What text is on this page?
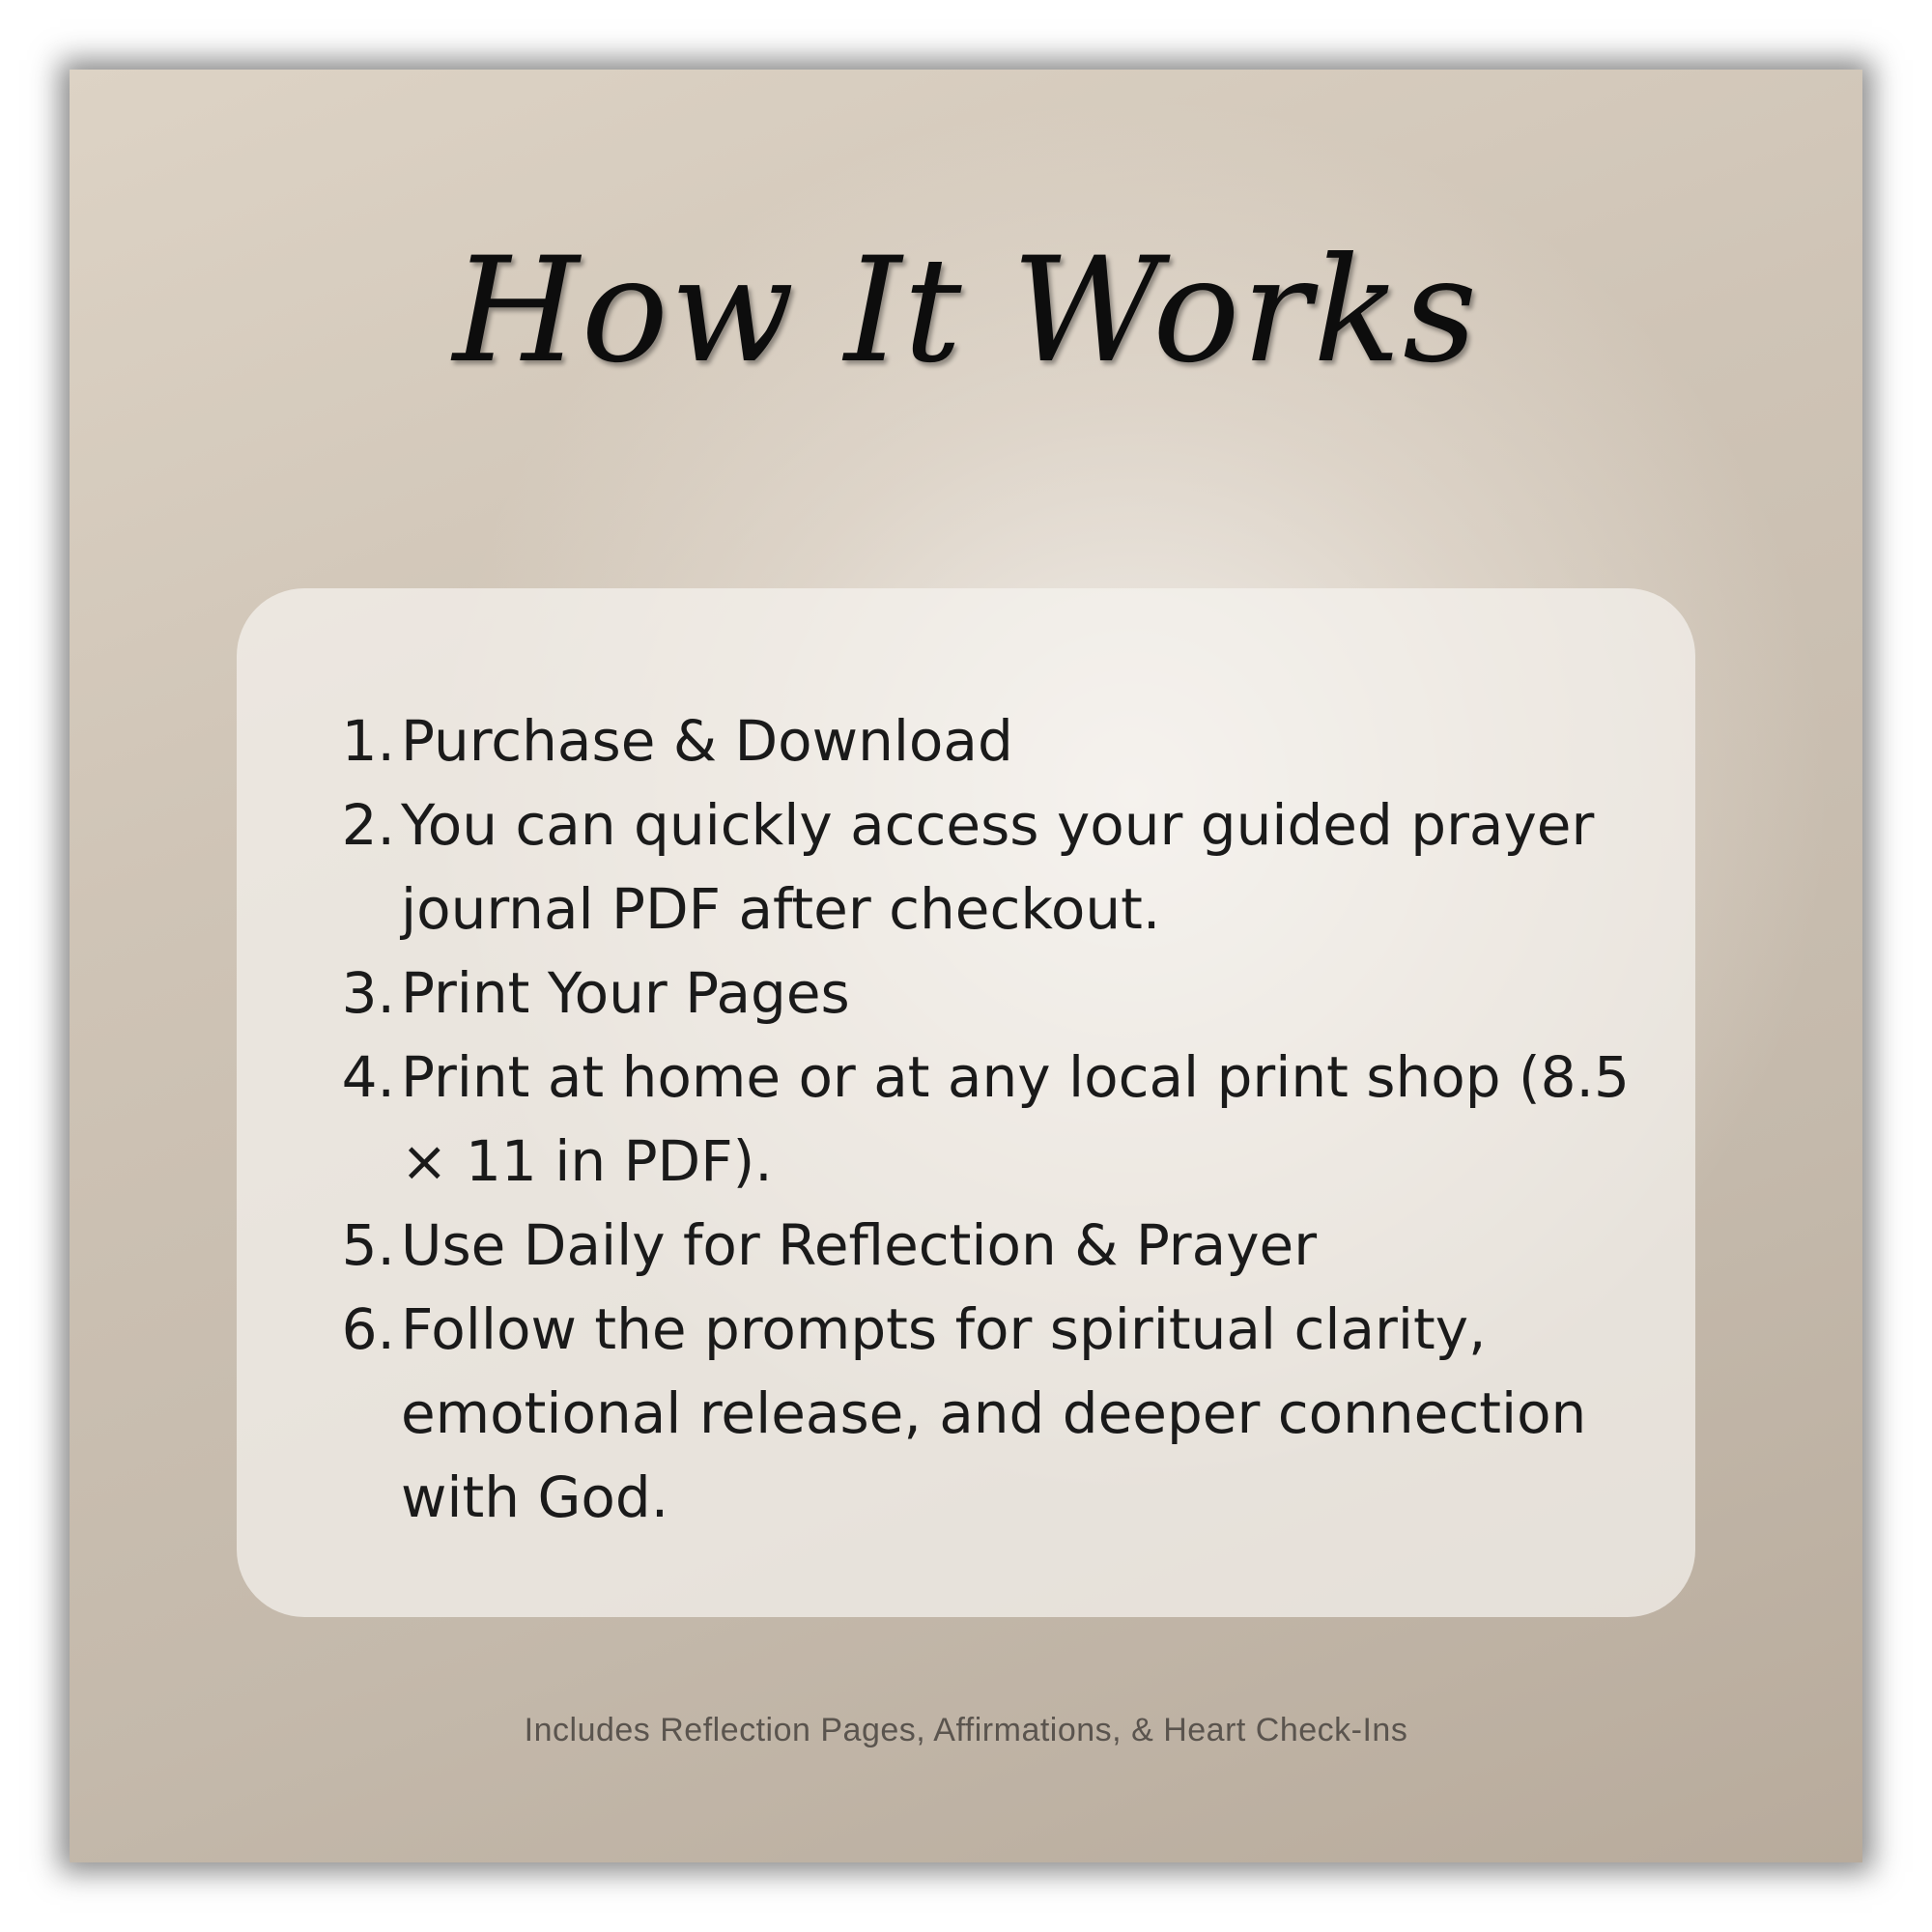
How It Works
1. Purchase & Download
2. You can quickly access your guided prayer journal PDF after checkout.
3. Print Your Pages
4. Print at home or at any local print shop (8.5 × 11 in PDF).
5. Use Daily for Reflection & Prayer
6. Follow the prompts for spiritual clarity, emotional release, and deeper connection with God.
Includes Reflection Pages, Affirmations, & Heart Check-Ins
